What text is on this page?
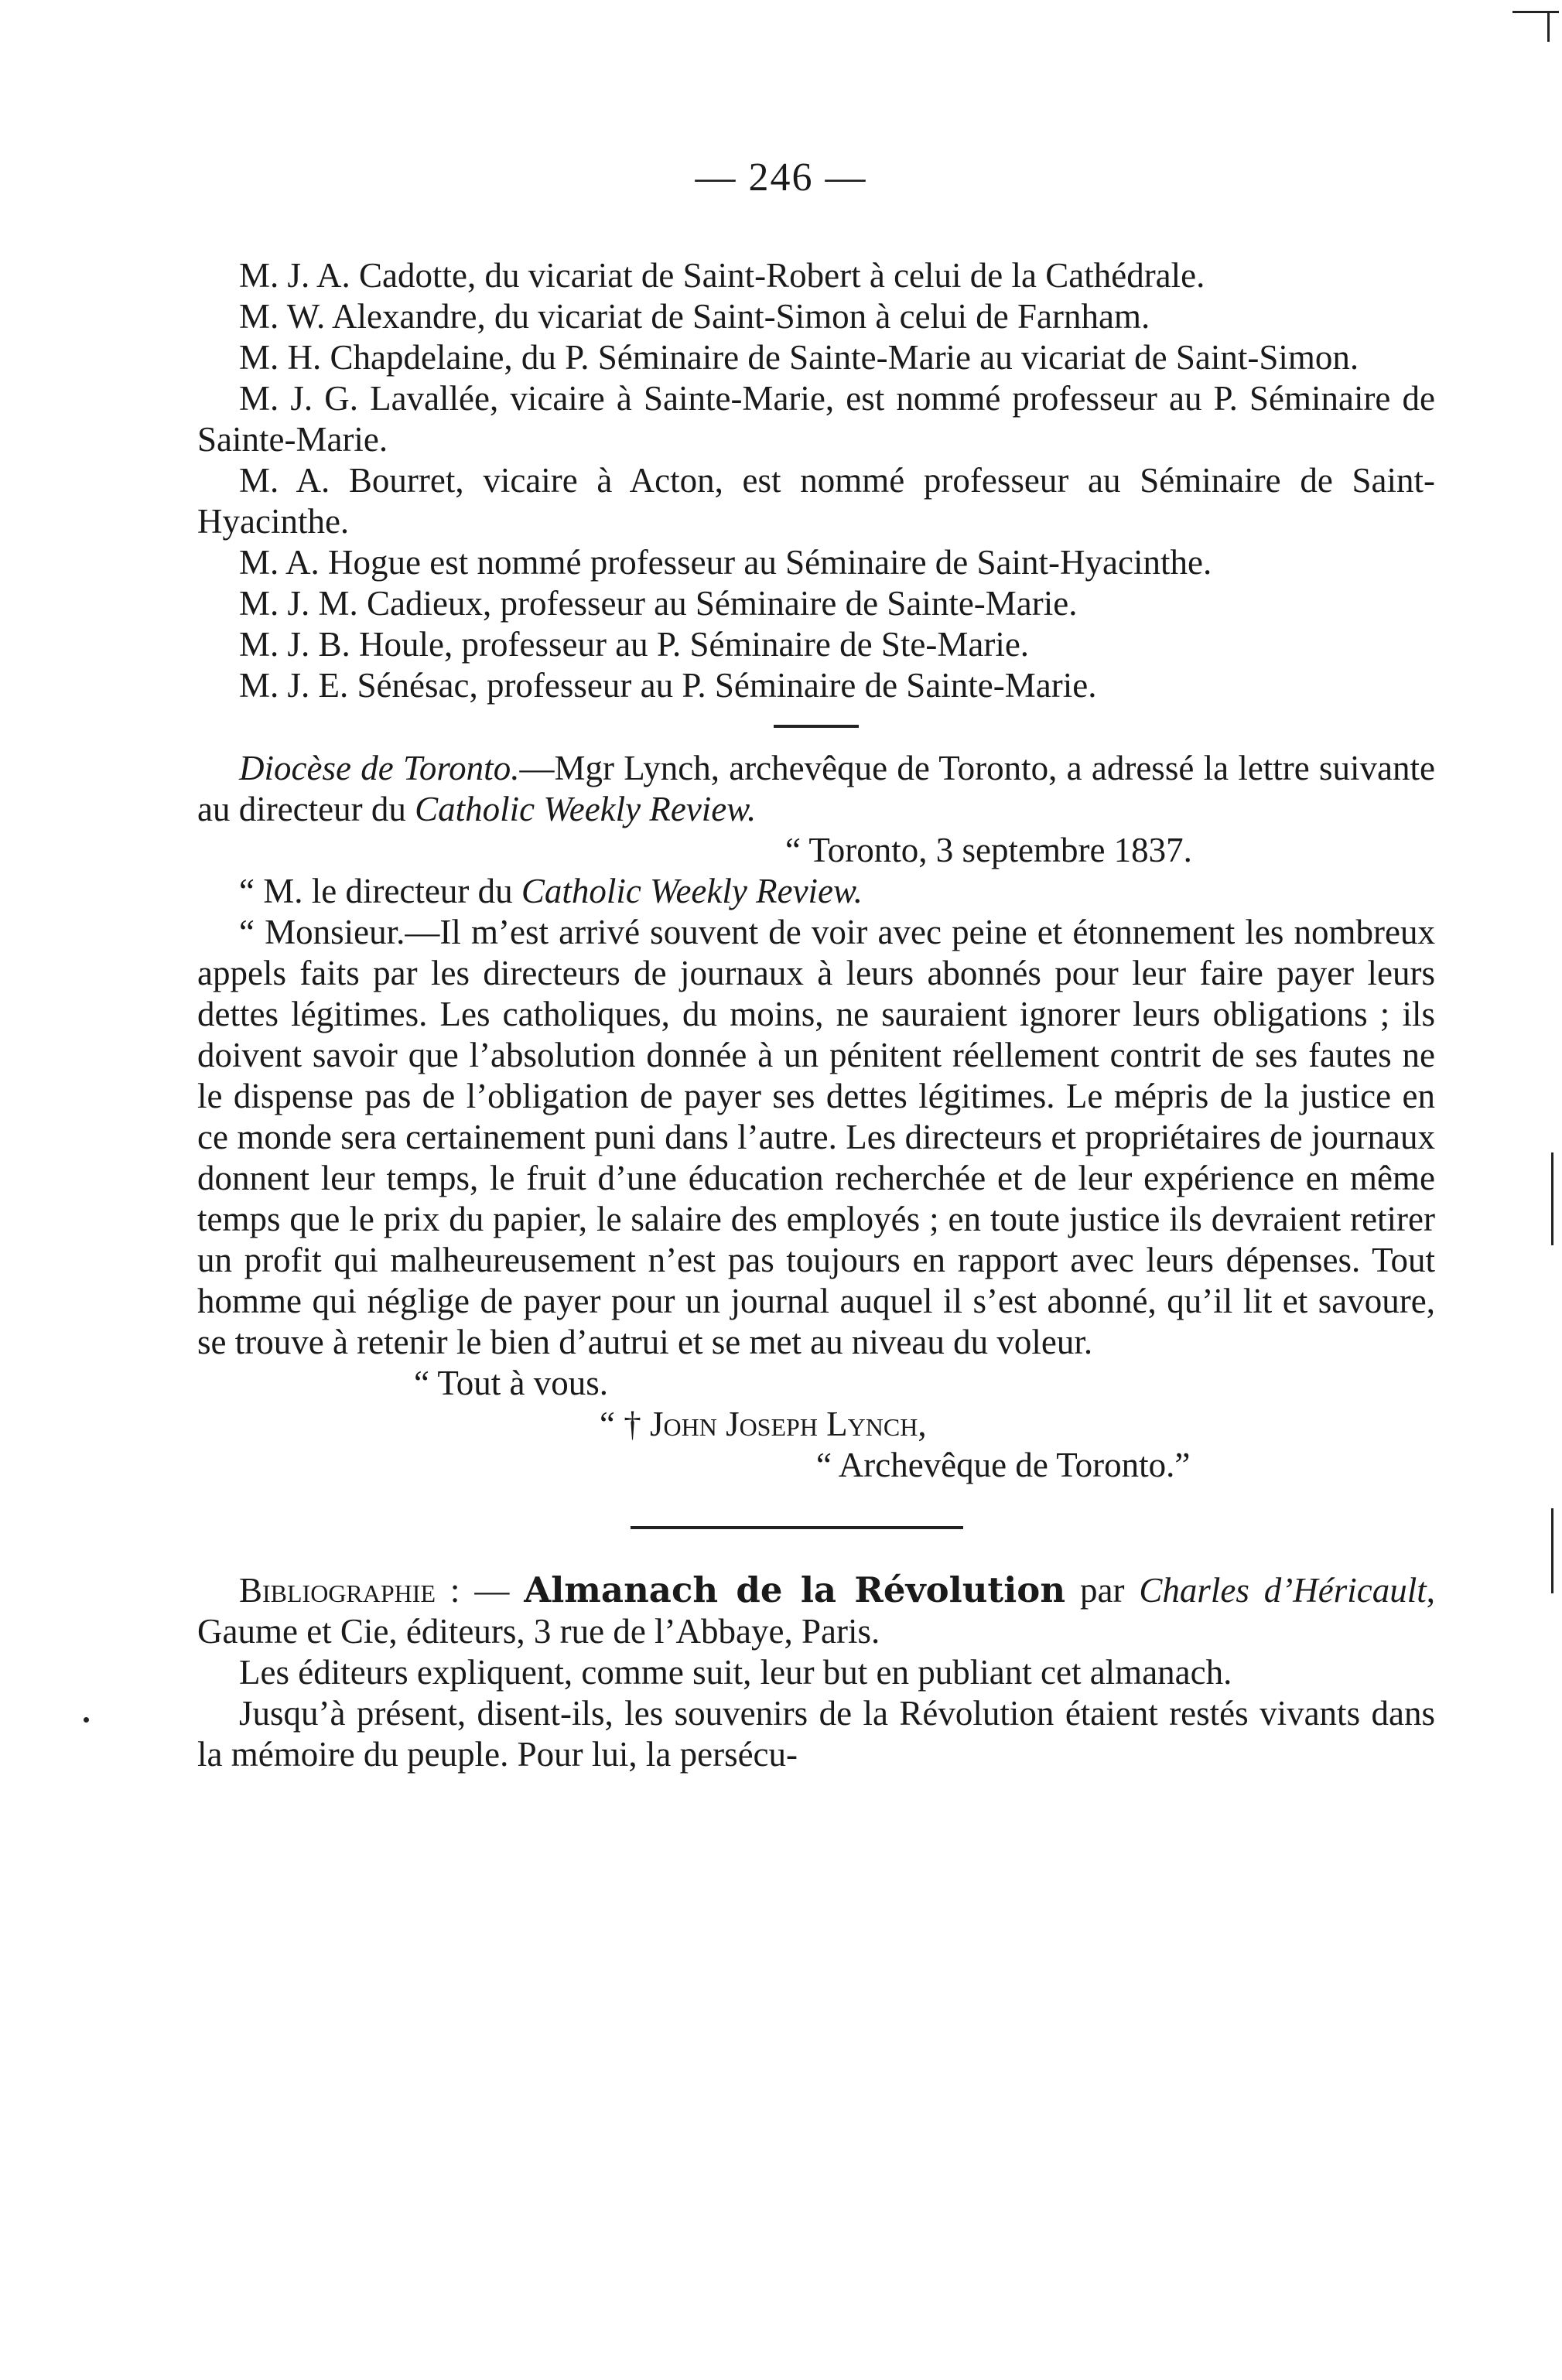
— 246 —

M. J. A. Cadotte, du vicariat de Saint-Robert à celui de la Cathédrale.

M. W. Alexandre, du vicariat de Saint-Simon à celui de Farnham.

M. H. Chapdelaine, du P. Séminaire de Sainte-Marie au vicariat de Saint-Simon.

M. J. G. Lavallée, vicaire à Sainte-Marie, est nommé professeur au P. Séminaire de Sainte-Marie.

M. A. Bourret, vicaire à Acton, est nommé professeur au Séminaire de Saint-Hyacinthe.

M. A. Hogue est nommé professeur au Séminaire de Saint-Hyacinthe.

M. J. M. Cadieux, professeur au Séminaire de Sainte-Marie.

M. J. B. Houle, professeur au P. Séminaire de Ste-Marie.

M. J. E. Sénésac, professeur au P. Séminaire de Sainte-Marie.

Diocèse de Toronto.—Mgr Lynch, archevêque de Toronto, a adressé la lettre suivante au directeur du Catholic Weekly Review.

“ Toronto, 3 septembre 1837.

“ M. le directeur du Catholic Weekly Review.

“ Monsieur.—Il m’est arrivé souvent de voir avec peine et étonnement les nombreux appels faits par les directeurs de journaux à leurs abonnés pour leur faire payer leurs dettes légitimes. Les catholiques, du moins, ne sauraient ignorer leurs obligations ; ils doivent savoir que l’absolution donnée à un pénitent réellement contrit de ses fautes ne le dispense pas de l’obligation de payer ses dettes légitimes. Le mépris de la justice en ce monde sera certainement puni dans l’autre. Les directeurs et propriétaires de journaux donnent leur temps, le fruit d’une éducation recherchée et de leur expérience en même temps que le prix du papier, le salaire des employés ; en toute justice ils devraient retirer un profit qui malheureusement n’est pas toujours en rapport avec leurs dépenses. Tout homme qui néglige de payer pour un journal auquel il s’est abonné, qu’il lit et savoure, se trouve à retenir le bien d’autrui et se met au niveau du voleur.

“ Tout à vous.

“ † John Joseph Lynch,

“ Archevêque de Toronto.”

Bibliographie : — Almanach de la Révolution par Charles d’Héricault, Gaume et Cie, éditeurs, 3 rue de l’Abbaye, Paris.

Les éditeurs expliquent, comme suit, leur but en publiant cet almanach.

Jusqu’à présent, disent-ils, les souvenirs de la Révolution étaient restés vivants dans la mémoire du peuple. Pour lui, la persécu-
